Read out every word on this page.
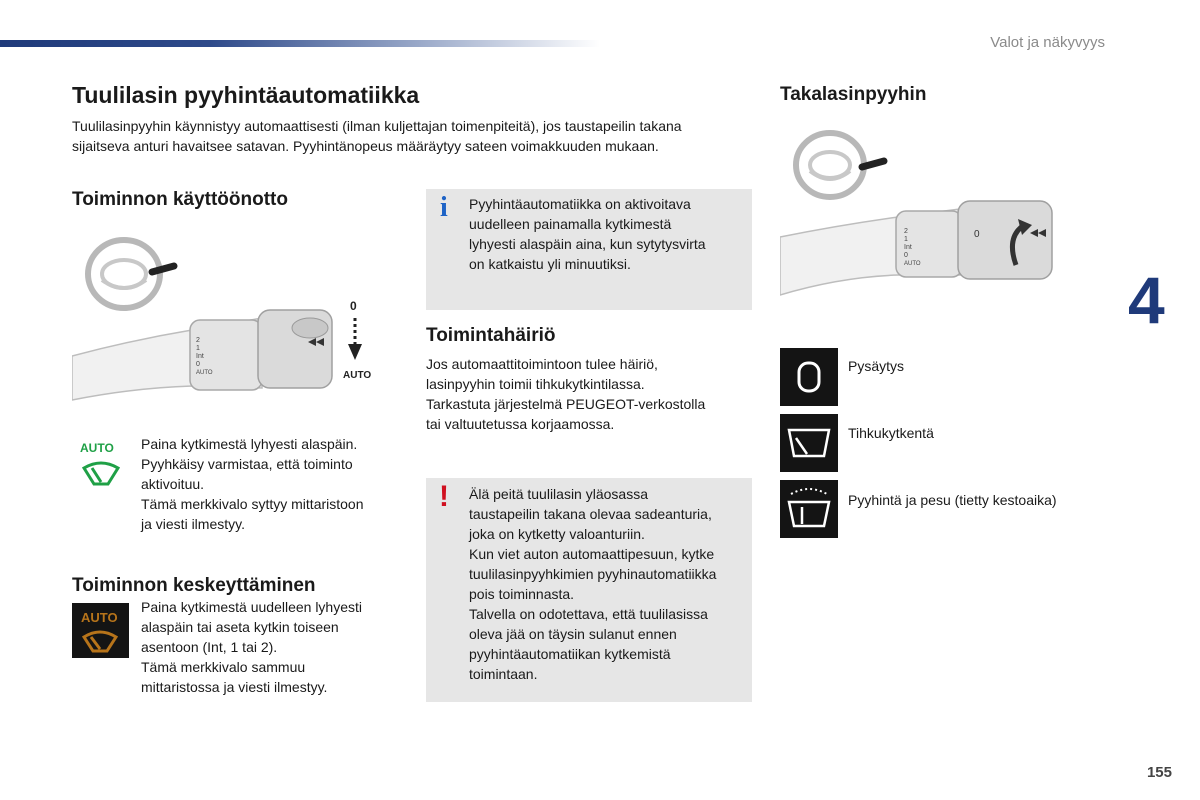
Valot ja näkyvyys
Tuulilasin pyyhintäautomatiikka

Tuulilasinpyyhin käynnistyy automaattisesti (ilman kuljettajan toimenpiteitä), jos taustapeilin takana
sijaitseva anturi havaitsee satavan. Pyyhintänopeus määräytyy sateen voimakkuuden mukaan.

Toiminnon käyttöönotto
2
1
Int
0
AUTO
0
AUTO
AUTO Paina kytkimestä lyhyesti alaspäin.
Pyyhkäisy varmistaa, että toiminto
aktivoituu.
Tämä merkkivalo syttyy mittaristoon
ja viesti ilmestyy.

Toiminnon keskeyttäminen
AUTO

Paina kytkimestä uudelleen lyhyesti
alaspäin tai aseta kytkin toiseen
asentoon (Int, 1 tai 2).
Tämä merkkivalo sammuu
mittaristossa ja viesti ilmestyy.

i Pyyhintäautomatiikka on aktivoitava
uudelleen painamalla kytkimestä
lyhyesti alaspäin aina, kun sytytysvirta
on katkaistu yli minuutiksi.

Toimintahäiriö

Jos automaattitoimintoon tulee häiriö,
lasinpyyhin toimii tihkukytkintilassa.
Tarkastuta järjestelmä PEUGEOT-verkostolla
tai valtuutetussa korjaamossa.

! Älä peitä tuulilasin yläosassa
taustapeilin takana olevaa sadeanturia,
joka on kytketty valoanturiin.
Kun viet auton automaattipesuun, kytke
tuulilasinpyyhkimien pyyhinautomatiikka
pois toiminnasta.
Talvella on odotettava, että tuulilasissa
oleva jää on täysin sulanut ennen
pyyhintäautomatiikan kytkemistä
toimintaan.

Takalasinpyyhin
2
1
Int
0
AUTO
0
4
Pysäytys
Tihkukytkentä
Pyyhintä ja pesu (tietty kestoaika)
155
